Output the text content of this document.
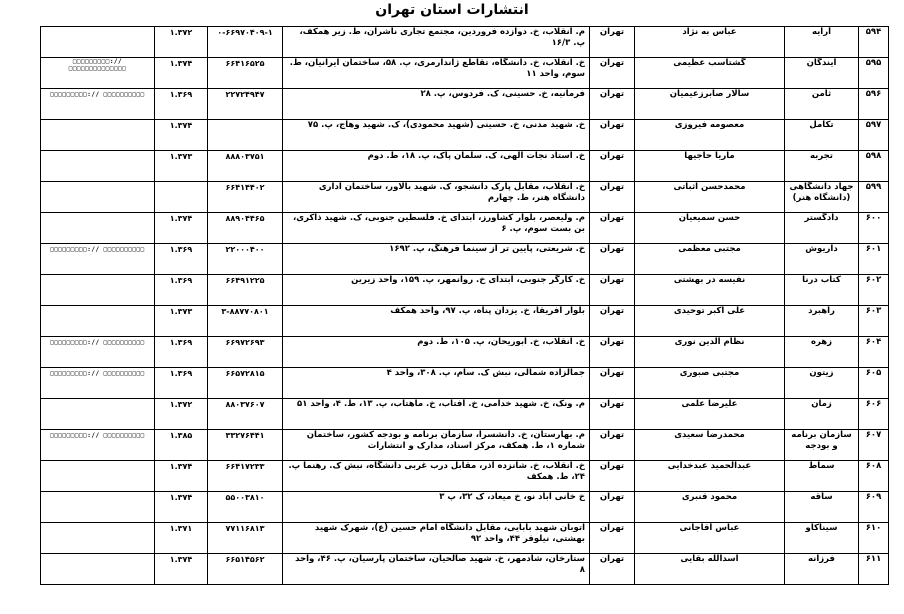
انتشارات استان تهران
۵۹۴	آرایه	عباس به نژاد	تهران	م. انقلاب، خ. دوازده فروردین، مجتمع تجاری ناشران، ط. زیر همکف، پ. ۱۶/۳	۰-۶۶۹۷۰۴۰۹-۱	۱.۳۷۲	
۵۹۵	آیندگان	گشتاسب عظیمی	تهران	خ. انقلاب، خ. دانشگاه، تقاطع ژاندارمری، پ. ۵۸، ساختمان ایرانیان، ط. سوم، واحد ۱۱	۶۶۴۱۶۵۲۵	۱.۳۷۴	□□□□□□□□□:// □□□□□□□□□□□□□□
۵۹۶	ثامن	سالار صابرزعیمیان	تهران	فرمانیه، خ. حسینی، ک. فردوس، پ. ۲۸	۲۲۷۲۴۹۴۷	۱.۳۶۹	□□□□□□□□□:// □□□□□□□□□□
۵۹۷	تکامل	معصومه فیروزی	تهران	خ. شهید مدنی، خ. حسینی (شهید محمودی)، ک. شهید وهاج، پ. ۷۵		۱.۳۷۴	
۵۹۸	تجربه	ماریا حاجیها	تهران	خ. استاد نجات الهی، ک. سلمان پاک، پ. ۱۸، ط. دوم	۸۸۸۰۳۷۵۱	۱.۳۷۳	
۵۹۹	جهاد دانشگاهی (دانشگاه هنر)	محمدحسن اثباتی	تهران	خ. انقلاب، مقابل پارک دانشجو، ک. شهید بالاور، ساختمان اداری دانشگاه هنر، ط. چهارم	۶۶۴۱۴۴۰۲		
۶۰۰	دادگستر	حسن سمیعیان	تهران	م. ولیعصر، بلوار کشاورز، ابتدای خ. فلسطین جنوبی، ک. شهید ذاکری، بن بست سوم، پ. ۶	۸۸۹۰۴۴۶۵	۱.۳۷۴	
۶۰۱	داریوش	مجتبی معظمی	تهران	خ. شریعتی، پایین تر از سینما فرهنگ، پ. ۱۶۹۲	۲۲۰۰۰۴۰۰	۱.۳۶۹	□□□□□□□□□:// □□□□□□□□□□
۶۰۲	کتاب درنا	نفیسه در بهشتی	تهران	خ. کارگر جنوبی، ابتدای خ. روانمهر، پ. ۱۵۹، واحد زیرین	۶۶۴۹۱۲۲۵	۱.۳۶۹	
۶۰۳	راهبرد	علی اکبر توحیدی	تهران	بلوار آفریقا، خ. یزدان پناه، پ. ۹۷، واحد همکف	۳-۸۸۷۷۰۸۰۱	۱.۳۷۳	
۶۰۴	زهره	نظام الدین نوری	تهران	خ. انقلاب، خ. ابوریحان، پ. ۱۰۵، ط. دوم	۶۶۹۷۲۶۹۳	۱.۳۶۹	□□□□□□□□□:// □□□□□□□□□□
۶۰۵	زیتون	مجتبی صبوری	تهران	جمالزاده شمالی، نبش ک. سام، پ. ۳۰۸، واحد ۴	۶۶۵۷۲۸۱۵	۱.۳۶۹	□□□□□□□□□:// □□□□□□□□□□
۶۰۶	زمان	علیرضا علمی	تهران	م. ونک، خ. شهید خدامی، خ. آفتاب، خ. ماهتاب، پ. ۱۳، ط. ۴، واحد ۵۱	۸۸۰۳۷۶۰۷	۱.۳۷۲	
۶۰۷	سازمان برنامه و بودجه	محمدرضا سعیدی	تهران	م. بهارستان، خ. دانشسرا، سازمان برنامه و بودجه کشور، ساختمان شماره ۱، ط. همکف، مرکز اسناد، مدارک و انتشارات	۳۳۲۷۶۴۴۱	۱.۳۸۵	□□□□□□□□□:// □□□□□□□□□□
۶۰۸	سماط	عبدالحمید عبدخدایی	تهران	خ. انقلاب، خ. شانزده آذر، مقابل درب غربی دانشگاه، نبش ک. رهنما پ. ۲۴، ط. همکف	۶۶۴۱۷۲۳۳	۱.۳۷۴	
۶۰۹	ساقه	محمود قنبری	تهران	خ خانی آباد نو، خ میعاد، ک ۳۲، پ ۳	۵۵۰۰۳۸۱۰	۱.۳۷۴	
۶۱۰	سیناکاو	عباس آقاجانی	تهران	اتوبان شهید بابایی، مقابل دانشگاه امام حسین (ع)، شهرک شهید بهشتی، نیلوفر ۴۴، واحد ۹۲	۷۷۱۱۶۸۱۳	۱.۳۷۱	
۶۱۱	فرزانه	اسدالله بقایی	تهران	ستارخان، شادمهر، خ. شهید صالحیان، ساختمان پارسیان، پ. ۴۶، واحد ۸	۶۶۵۱۴۵۶۲	۱.۳۷۴	
